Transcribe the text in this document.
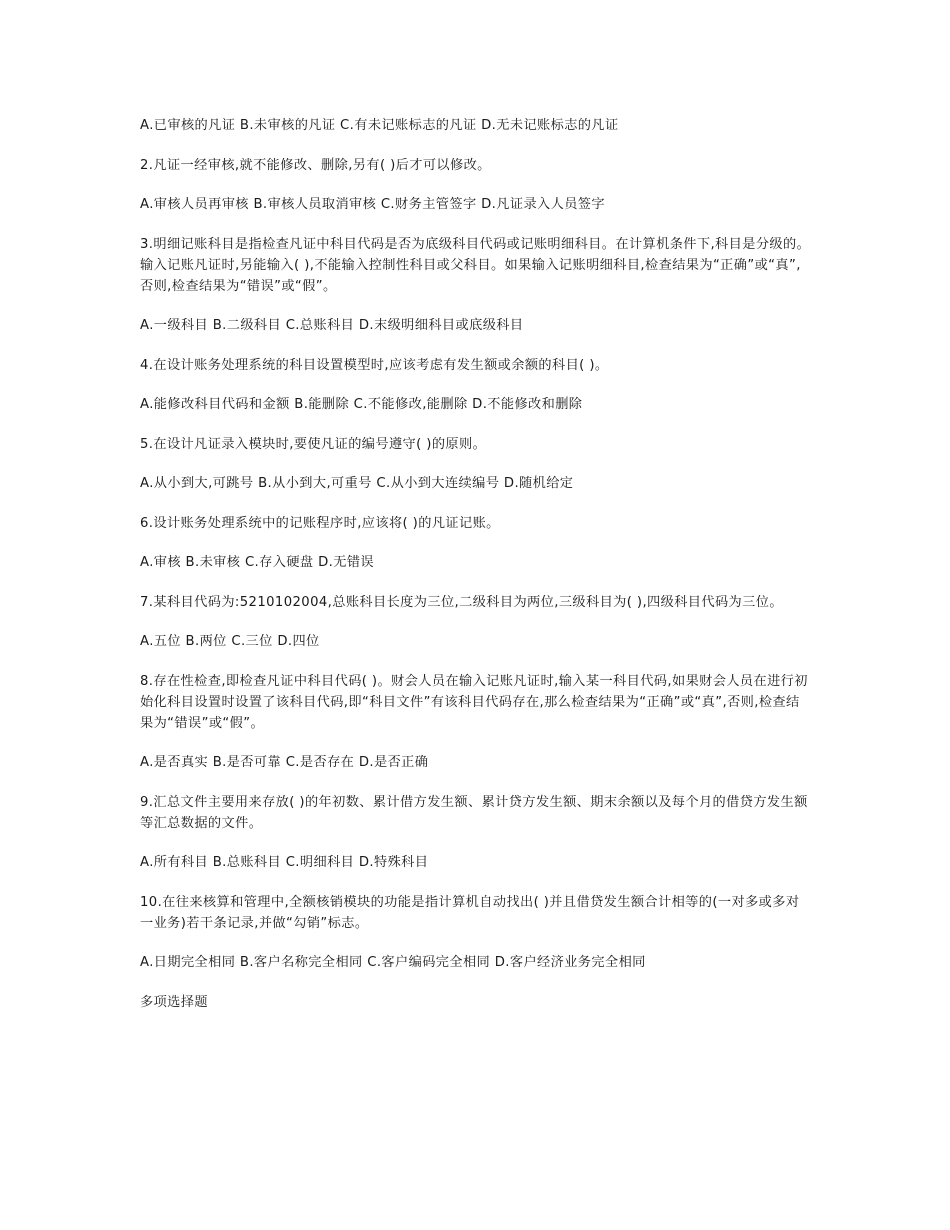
A.已审核的凡证 B.未审核的凡证 C.有未记账标志的凡证 D.无未记账标志的凡证

2.凡证一经审核,就不能修改、删除,另有( )后才可以修改。

A.审核人员再审核 B.审核人员取消审核 C.财务主管签字 D.凡证录入人员签字

3.明细记账科目是指检查凡证中科目代码是否为底级科目代码或记账明细科目。在计算机条件下,科目是分级的。输入记账凡证时,另能输入( ),不能输入控制性科目或父科目。如果输入记账明细科目,检查结果为“正确”或“真”,否则,检查结果为“错误”或“假”。

A.一级科目 B.二级科目 C.总账科目 D.末级明细科目或底级科目

4.在设计账务处理系统的科目设置模型时,应该考虑有发生额或余额的科目( )。

A.能修改科目代码和金额 B.能删除 C.不能修改,能删除 D.不能修改和删除

5.在设计凡证录入模块时,要使凡证的编号遵守( )的原则。

A.从小到大,可跳号 B.从小到大,可重号 C.从小到大连续编号 D.随机给定

6.设计账务处理系统中的记账程序时,应该将( )的凡证记账。

A.审核 B.未审核 C.存入硬盘 D.无错误

7.某科目代码为:5210102004,总账科目长度为三位,二级科目为两位,三级科目为( ),四级科目代码为三位。

A.五位 B.两位 C.三位 D.四位

8.存在性检查,即检查凡证中科目代码( )。财会人员在输入记账凡证时,输入某一科目代码,如果财会人员在进行初始化科目设置时设置了该科目代码,即“科目文件”有该科目代码存在,那么检查结果为“正确”或“真”,否则,检查结果为“错误”或“假”。

A.是否真实 B.是否可靠 C.是否存在 D.是否正确

9.汇总文件主要用来存放( )的年初数、累计借方发生额、累计贷方发生额、期末余额以及每个月的借贷方发生额等汇总数据的文件。

A.所有科目 B.总账科目 C.明细科目 D.特殊科目

10.在往来核算和管理中,全额核销模块的功能是指计算机自动找出( )并且借贷发生额合计相等的(一对多或多对一业务)若干条记录,并做“勾销”标志。

A.日期完全相同 B.客户名称完全相同 C.客户编码完全相同 D.客户经济业务完全相同

多项选择题
